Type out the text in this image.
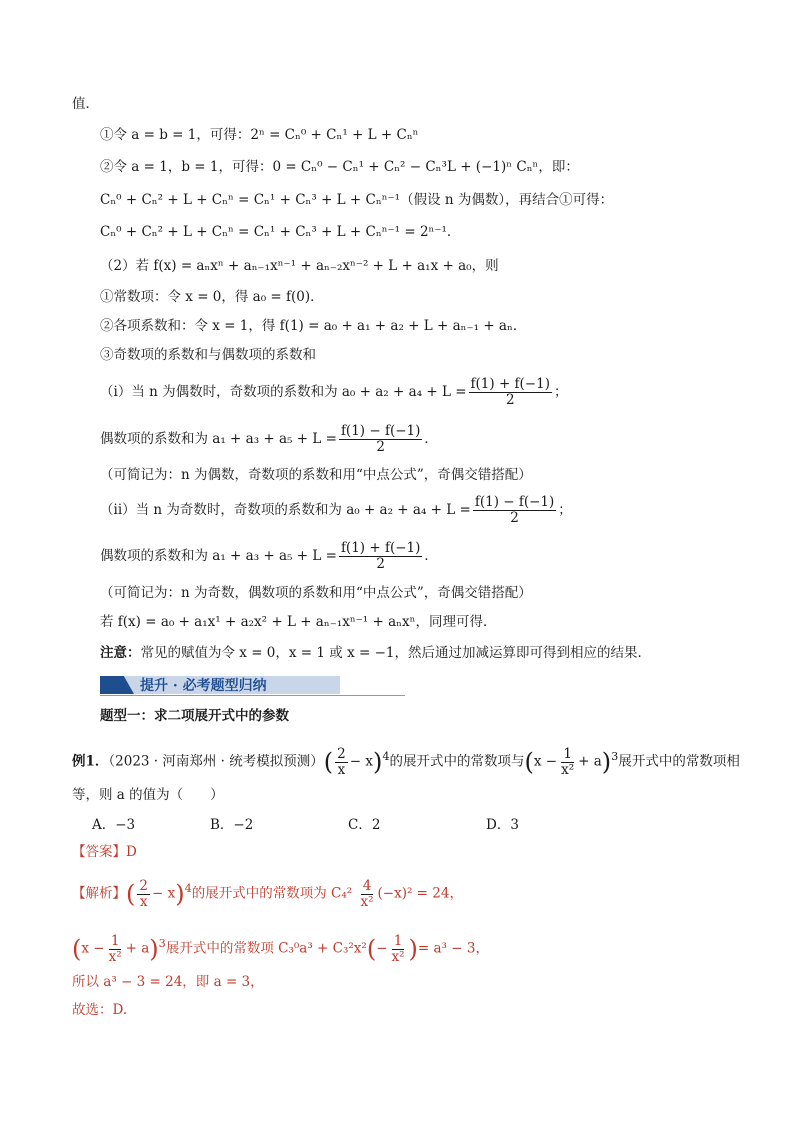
值．
①令 a = b = 1，可得：2ⁿ = Cₙ⁰ + Cₙ¹ + L + Cₙⁿ
②令 a = 1，b = 1，可得：0 = Cₙ⁰ − Cₙ¹ + Cₙ² − Cₙ³L + (−1)ⁿ Cₙⁿ，即：
Cₙ⁰ + Cₙ² + L + Cₙⁿ = Cₙ¹ + Cₙ³ + L + Cₙⁿ⁻¹（假设 n 为偶数），再结合①可得：
Cₙ⁰ + Cₙ² + L + Cₙⁿ = Cₙ¹ + Cₙ³ + L + Cₙⁿ⁻¹ = 2ⁿ⁻¹．
（2）若 f(x) = aₙxⁿ + aₙ₋₁xⁿ⁻¹ + aₙ₋₂xⁿ⁻² + L + a₁x + a₀，则
①常数项：令 x = 0，得 a₀ = f(0)．
②各项系数和：令 x = 1，得 f(1) = a₀ + a₁ + a₂ + L + aₙ₋₁ + aₙ．
③奇数项的系数和与偶数项的系数和
（i）当 n 为偶数时，奇数项的系数和为 $a_0 + a_2 + a_4 + L = \frac{f(1) + f(-1)}{2}$ ；
偶数项的系数和为 $a_1 + a_3 + a_5 + L = \frac{f(1) - f(-1)}{2}$ ．
（可简记为：n 为偶数，奇数项的系数和用“中点公式”，奇偶交错搭配）
（ii）当 n 为奇数时，奇数项的系数和为 $a_0 + a_2 + a_4 + L = \frac{f(1) - f(-1)}{2}$ ；
偶数项的系数和为 $a_1 + a_3 + a_5 + L = \frac{f(1) + f(-1)}{2}$ ．
（可简记为：n 为奇数，偶数项的系数和用“中点公式”，奇偶交错搭配）
若 f(x) = a₀ + a₁x¹ + a₂x² + L + aₙ₋₁xⁿ⁻¹ + aₙxⁿ，同理可得．
注意：常见的赋值为令 x = 0，x = 1 或 x = −1，然后通过加减运算即可得到相应的结果．
提升 · 必考题型归纳
题型一：求二项展开式中的参数
例1．（2023 · 河南郑州 · 统考模拟预测）( $\frac{2}{x} - x)^4$的展开式中的常数项与$(x - \frac{1}{\text{x²}} + a)^3$展开式中的常数项相
等，则 a 的值为（　　）
A．−3	B．−2	C．2	D．3
【答案】D
【解析】( $\frac{2}{x} - x)^4$的展开式中的常数项为 $C_4^2 \frac{4}{\text{x²}} (-x)^2 = 24$，
$(x - \frac{1}{\text{x²}} + a)^3$展开式中的常数项 $C_3^0a^3 + C_3^2x^2(- \frac{1}{\text{x²}}$ )= a³ − 3，
所以 a³ − 3 = 24，即 a = 3，
故选：D.
